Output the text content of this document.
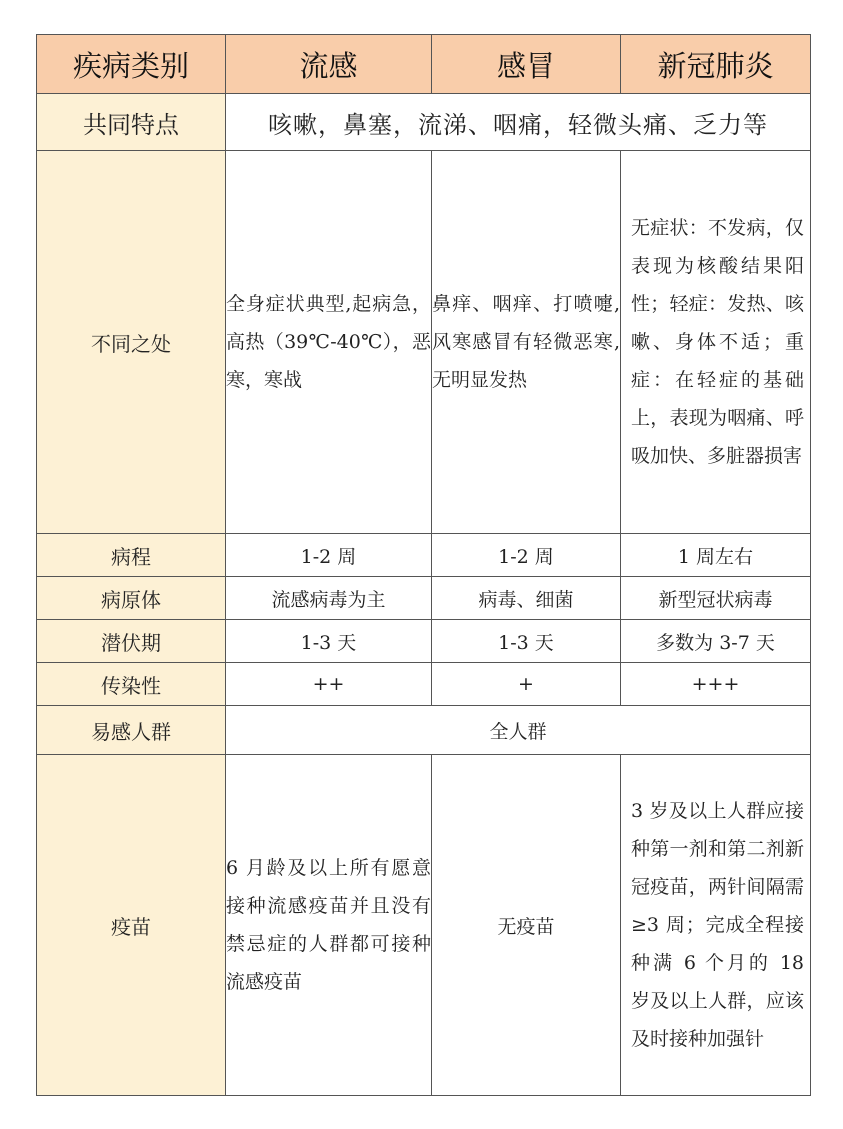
疾病类别	流感	感冒	新冠肺炎
共同特点	咳嗽，鼻塞，流涕、咽痛，轻微头痛、乏力等		
不同之处	全身症状典型,起病急， 高热（39℃-40℃），恶寒，寒战	鼻痒、咽痒、打喷嚏,风寒感冒有轻微恶寒,无明显发热	无症状：不发病，仅表现为核酸结果阳性；轻症：发热、咳嗽、身体不适；重症：在轻症的基础上，表现为咽痛、呼吸加快、多脏器损害
病程	1-2 周	1-2 周	1 周左右
病原体	流感病毒为主	病毒、细菌	新型冠状病毒
潜伏期	1-3 天	1-3 天	多数为 3-7 天
传染性	++	+	+++
易感人群	全人群		
疫苗	6 月龄及以上所有愿意接种流感疫苗并且没有禁忌症的人群都可接种流感疫苗	无疫苗	3 岁及以上人群应接种第一剂和第二剂新冠疫苗，两针间隔需≥3 周；完成全程接种满 6 个月的 18 岁及以上人群，应该及时接种加强针
